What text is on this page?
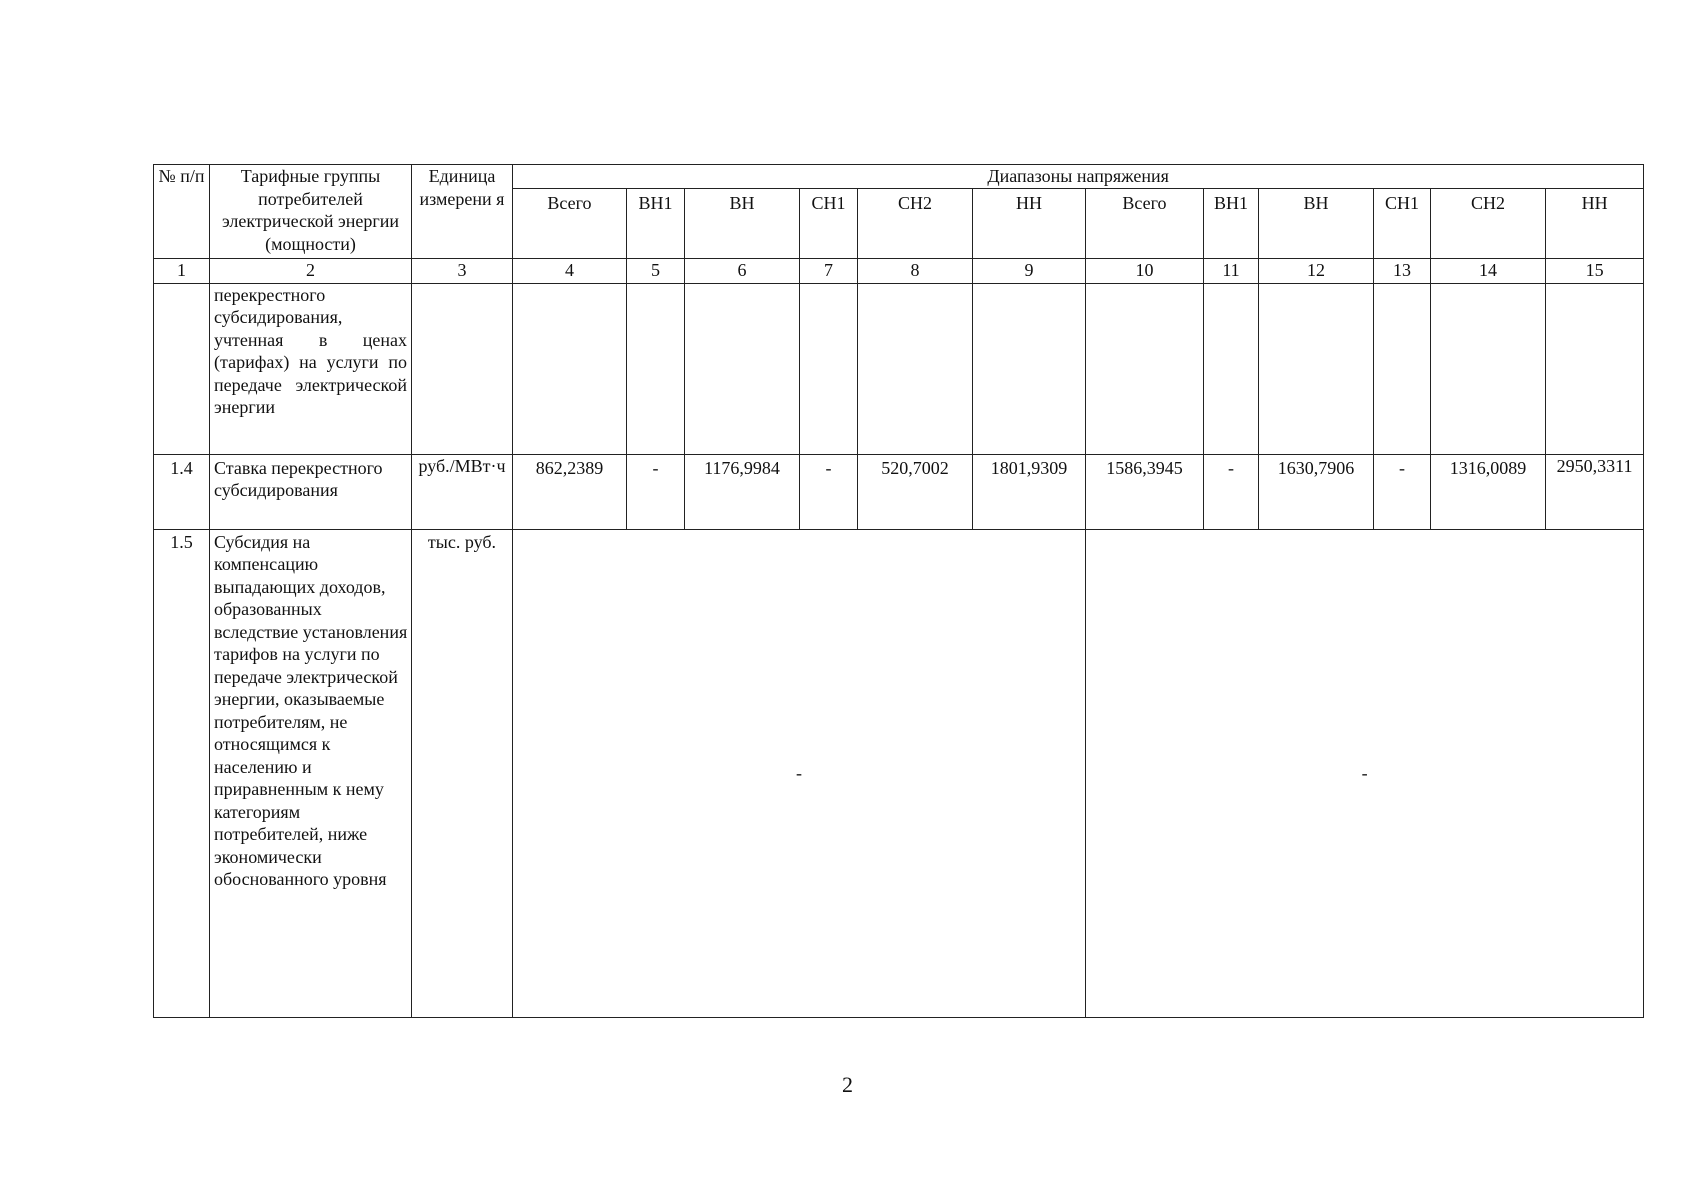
№ п/п	Тарифные группы потребителей электрической энергии (мощности)	Единица измерени я	Диапазоны напряжения											
			Всего	ВН1	ВН	СН1	СН2	НН	Всего	ВН1	ВН	СН1	СН2	НН
1	2	3	4	5	6	7	8	9	10	11	12	13	14	15
	перекрестного субсидирования, учтенная в ценах (тарифах) на услуги по передаче электрической энергии													
1.4	Ставка перекрестного субсидирования	руб./МВт·ч	862,2389	-	1176,9984	-	520,7002	1801,9309	1586,3945	-	1630,7906	-	1316,0089	2950,3311
1.5	Субсидия на компенсацию выпадающих доходов, образованных вследствие установления тарифов на услуги по передаче электрической энергии, оказываемые потребителям, не относящимся к населению и приравненным к нему категориям потребителей, ниже экономически обоснованного уровня	тыс. руб.	-						-					
2
